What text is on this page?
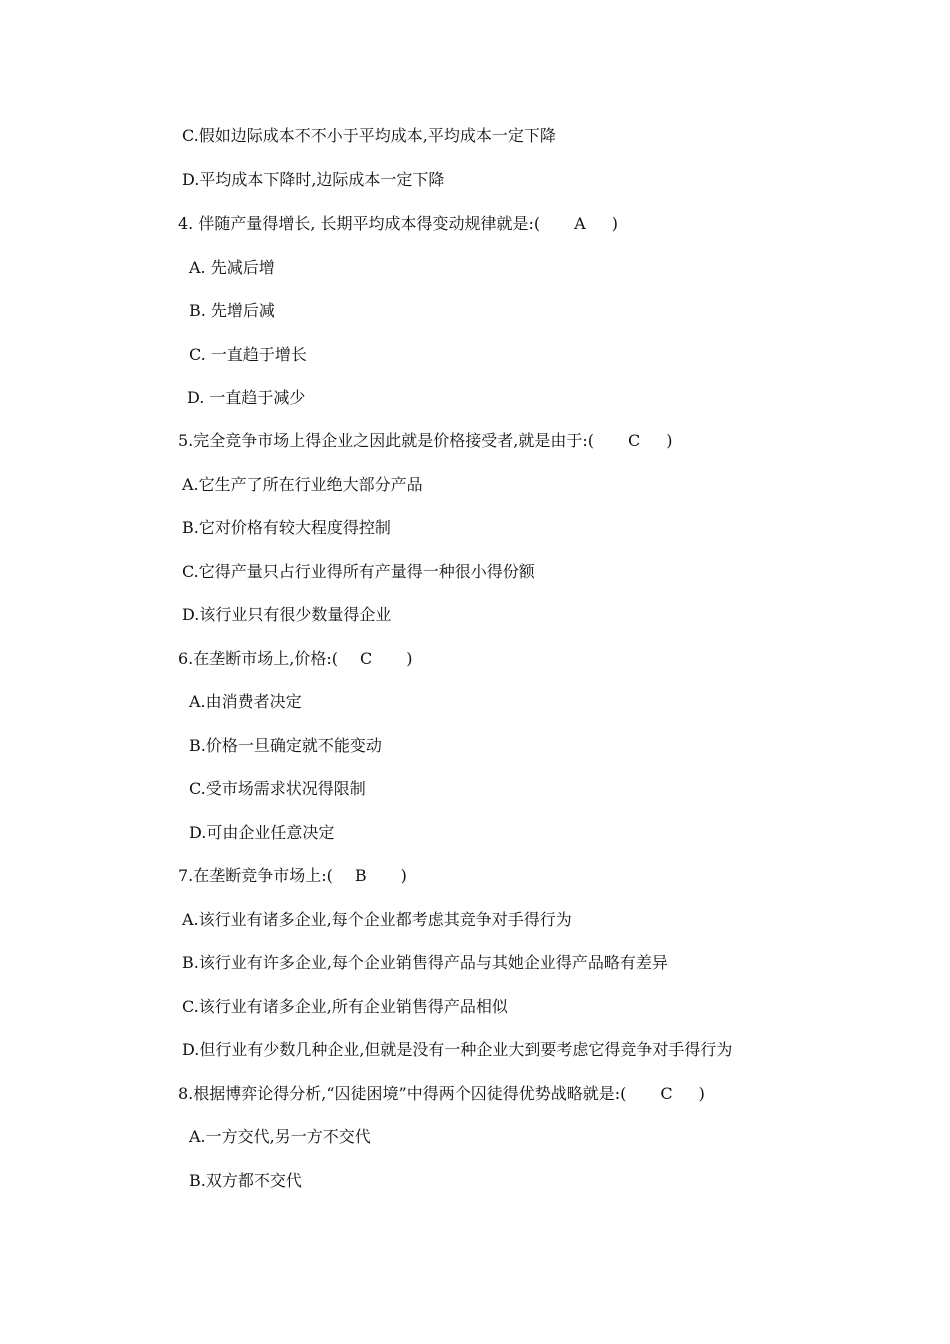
C.假如边际成本不不小于平均成本,平均成本一定下降
D.平均成本下降时,边际成本一定下降
4. 伴随产量得增长, 长期平均成本得变动规律就是:( A )
A. 先减后增
B. 先增后减
C. 一直趋于增长
D. 一直趋于减少
5.完全竞争市场上得企业之因此就是价格接受者,就是由于:( C )
A.它生产了所在行业绝大部分产品
B.它对价格有较大程度得控制
C.它得产量只占行业得所有产量得一种很小得份额
D.该行业只有很少数量得企业
6.在垄断市场上,价格:( C )
A.由消费者决定
B.价格一旦确定就不能变动
C.受市场需求状况得限制
D.可由企业任意决定
7.在垄断竞争市场上:( B )
A.该行业有诸多企业,每个企业都考虑其竞争对手得行为
B.该行业有许多企业,每个企业销售得产品与其她企业得产品略有差异
C.该行业有诸多企业,所有企业销售得产品相似
D.但行业有少数几种企业,但就是没有一种企业大到要考虑它得竞争对手得行为
8.根据博弈论得分析,“囚徒困境”中得两个囚徒得优势战略就是:( C )
A.一方交代,另一方不交代
B.双方都不交代
